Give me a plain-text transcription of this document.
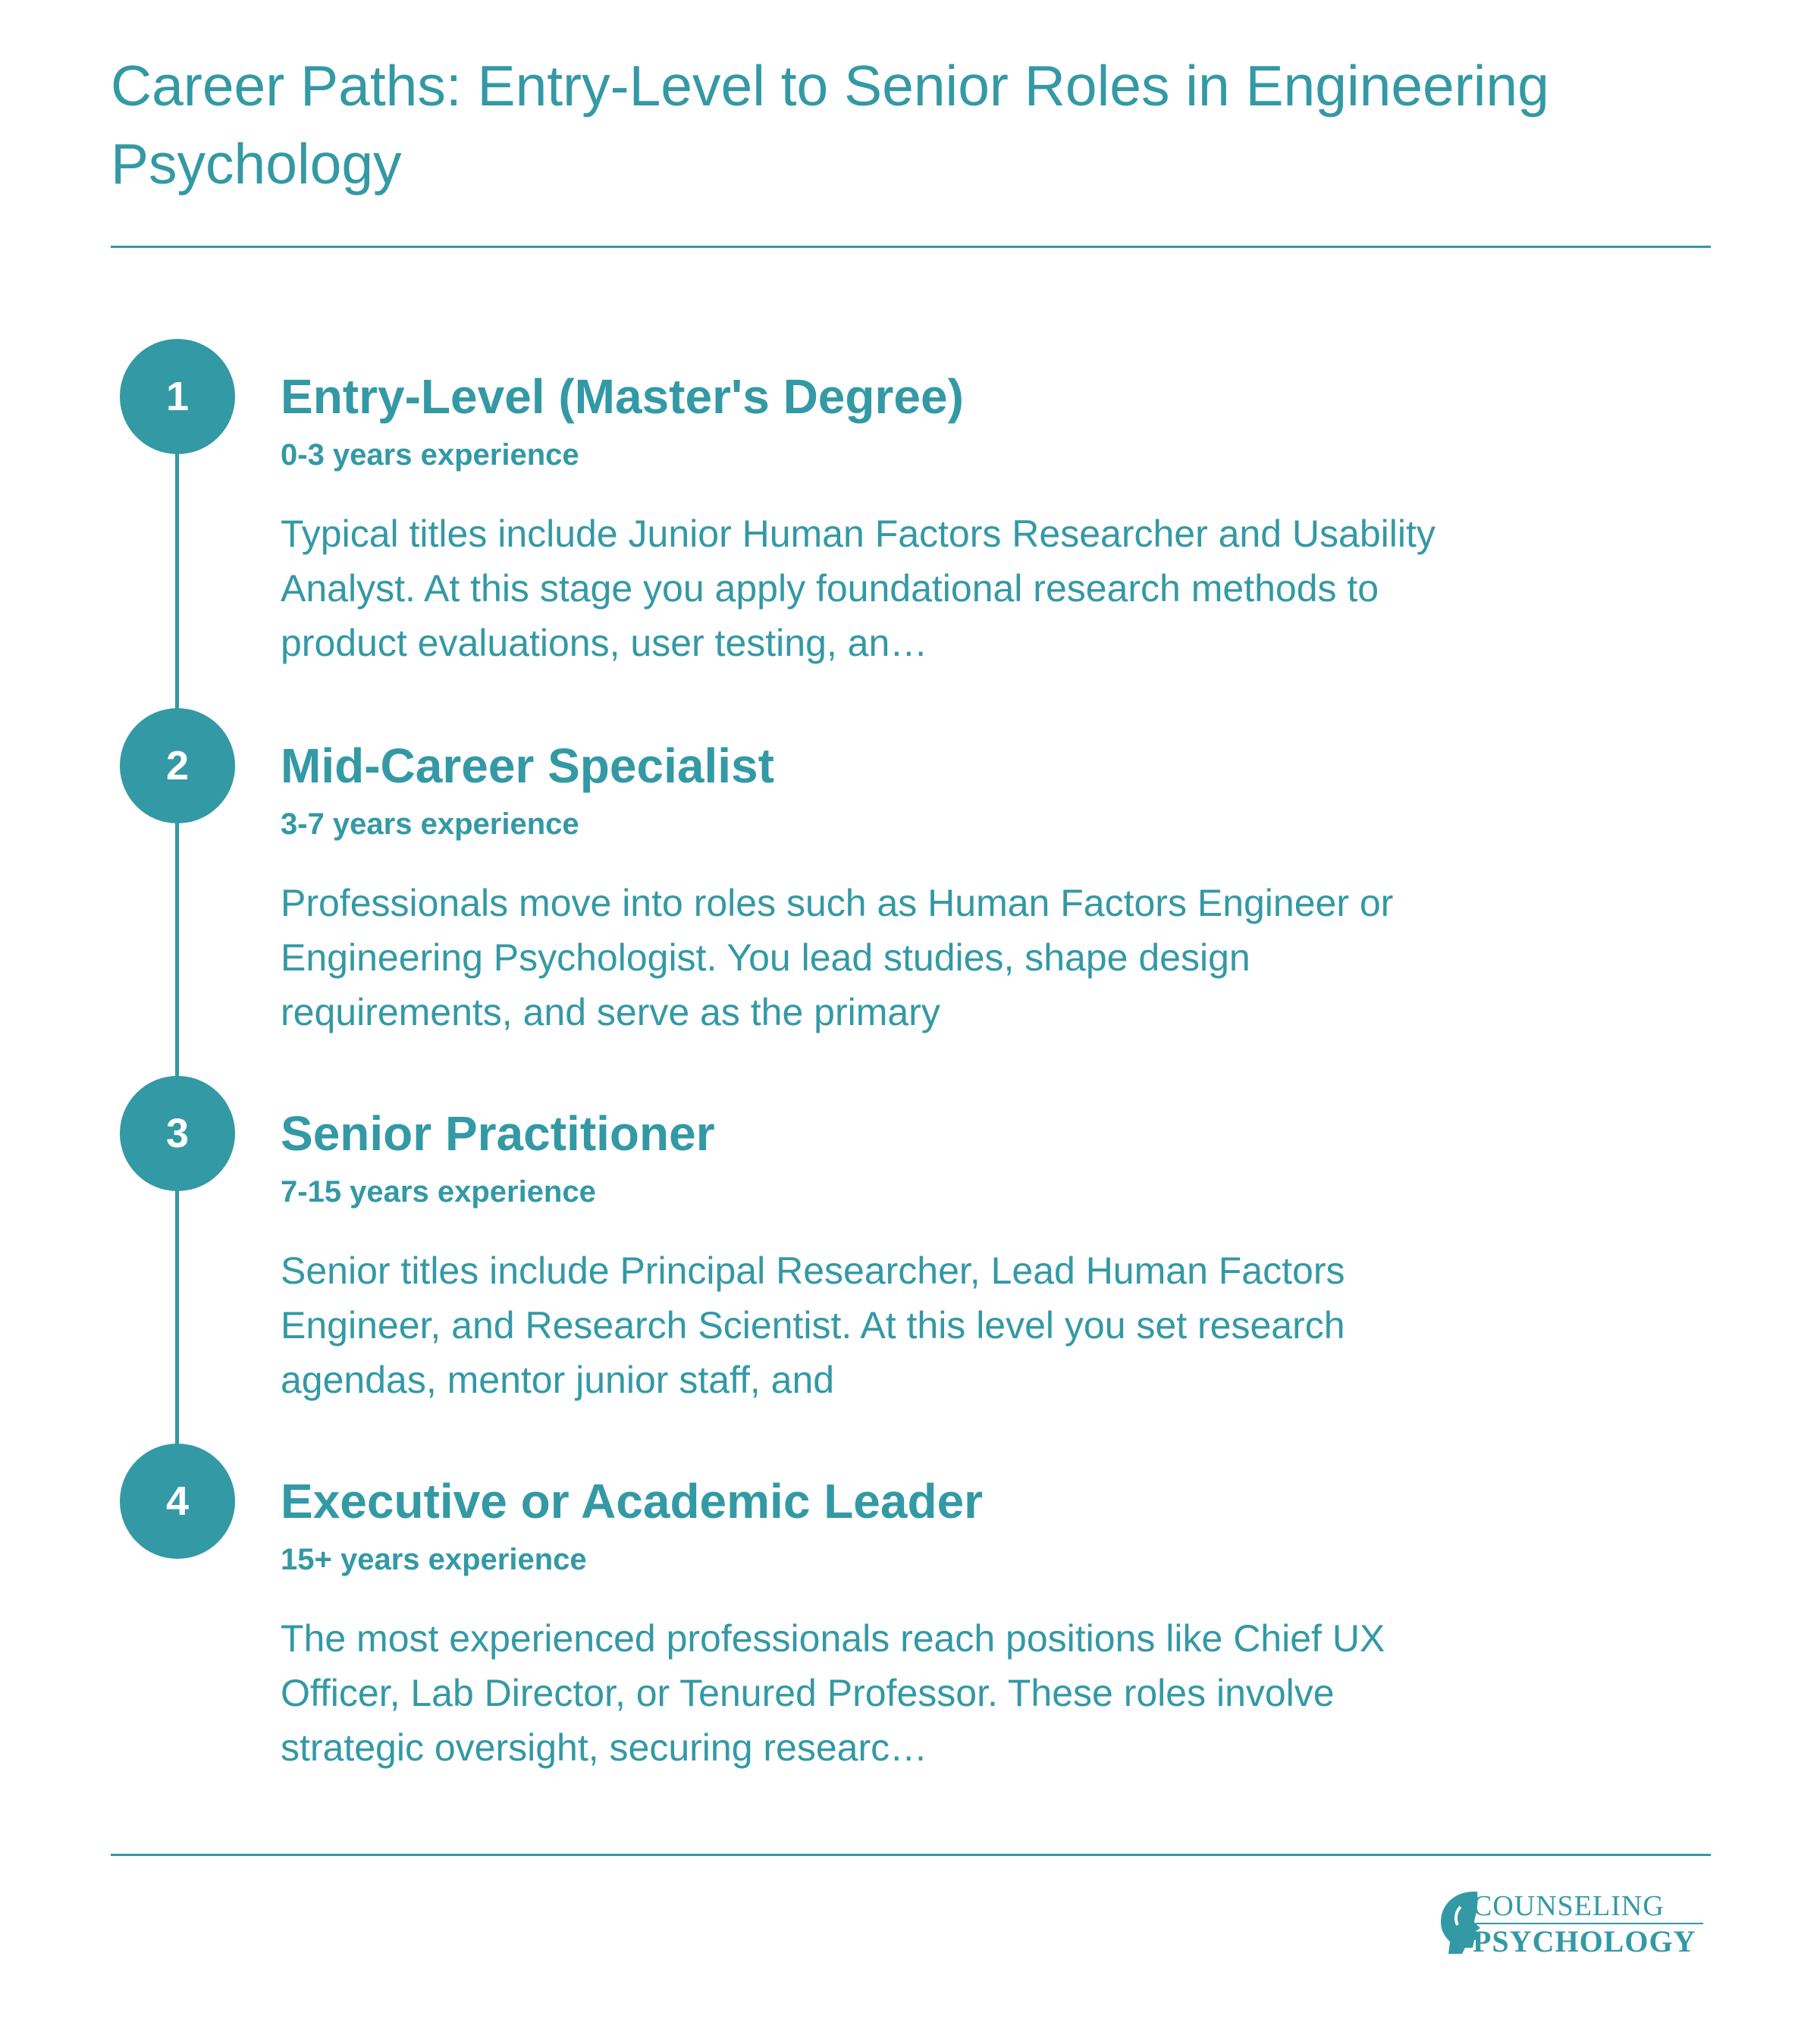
Career Paths: Entry-Level to Senior Roles in Engineering Psychology
1	Entry-Level (Master's Degree)
0-3 years experience

Typical titles include Junior Human Factors Researcher and Usability Analyst. At this stage you apply foundational research methods to product evaluations, user testing, an…

2	Mid-Career Specialist
3-7 years experience

Professionals move into roles such as Human Factors Engineer or Engineering Psychologist. You lead studies, shape design requirements, and serve as the primary

3	Senior Practitioner
7-15 years experience

Senior titles include Principal Researcher, Lead Human Factors Engineer, and Research Scientist. At this level you set research agendas, mentor junior staff, and

4	Executive or Academic Leader
15+ years experience

The most experienced professionals reach positions like Chief UX Officer, Lab Director, or Tenured Professor. These roles involve strategic oversight, securing researc…

COUNSELING
PSYCHOLOGY
